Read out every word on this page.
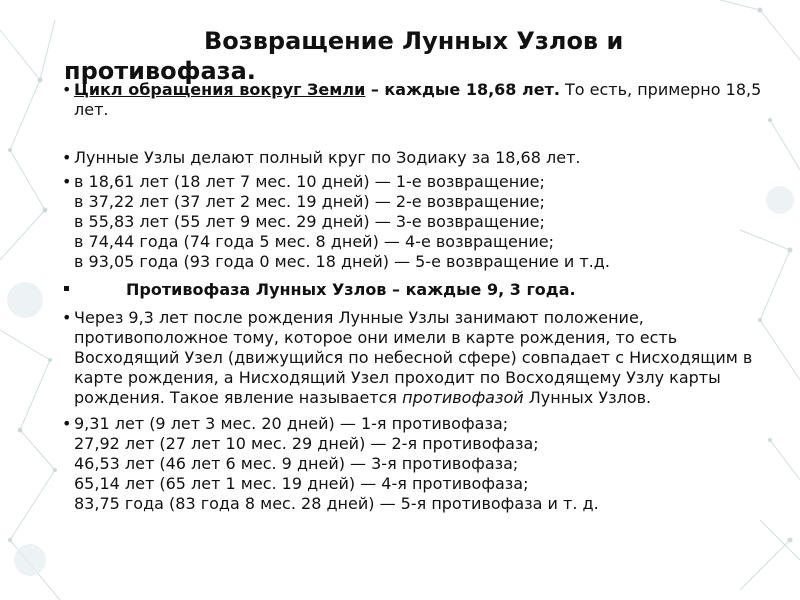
Возвращение Лунных Узлов и
противофаза.
• Цикл обращения вокруг Земли – каждые 18,68 лет. То есть, примерно 18,5 лет.
• Лунные Узлы делают полный круг по Зодиаку за 18,68 лет.
• в 18,61 лет (18 лет 7 мес. 10 дней) — 1-е возвращение;
в 37,22 лет (37 лет 2 мес. 19 дней) — 2-е возвращение;
в 55,83 лет (55 лет 9 мес. 29 дней) — 3-е возвращение;
в 74,44 года (74 года 5 мес. 8 дней) — 4-е возвращение;
в 93,05 года (93 года 0 мес. 18 дней) — 5-е возвращение и т.д.
Противофаза Лунных Узлов – каждые 9, 3 года.
• Через 9,3 лет после рождения Лунные Узлы занимают положение, противоположное тому, которое они имели в карте рождения, то есть Восходящий Узел (движущийся по небесной сфере) совпадает с Нисходящим в карте рождения, а Нисходящий Узел проходит по Восходящему Узлу карты рождения. Такое явление называется противофазой Лунных Узлов.
• 9,31 лет (9 лет 3 мес. 20 дней) — 1-я противофаза;
27,92 лет (27 лет 10 мес. 29 дней) — 2-я противофаза;
46,53 лет (46 лет 6 мес. 9 дней) — 3-я противофаза;
65,14 лет (65 лет 1 мес. 19 дней) — 4-я противофаза;
83,75 года (83 года 8 мес. 28 дней) — 5-я противофаза и т. д.
